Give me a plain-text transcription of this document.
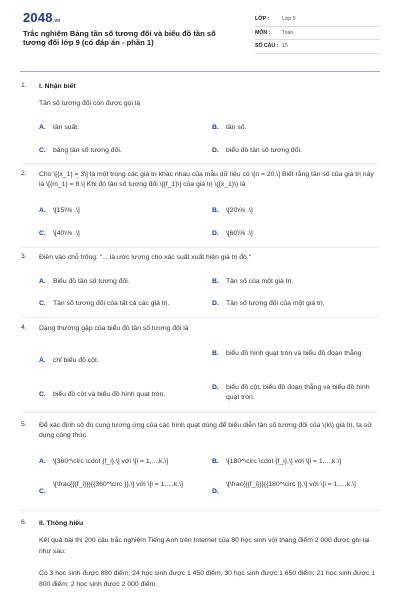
2048.vn
Trắc nghiệm Bảng tần số tương đối và biểu đồ tần số tương đối lớp 9 (có đáp án - phần 1)
LỚP :	Lớp 9
MÔN :	Toán
SỐ CÂU : 15
1.	I. Nhận biết
Tần số tương đối còn được gọi là
A. tần suất.	B. tần số.
C. bảng tần số tương đối.	D. biểu đồ tần số tương đối.
2.	Cho \[{x_1} = 3\] là một trong các giá trị khác nhau của mẫu dữ liệu có \[n = 20.\] Biết rằng tần số của giá trị này là \[{m_1} = 8.\] Khi đó tần số tương đối \[{f_1}\] của giá trị \({x_1}\) là
A. \[15\% .\]	B. \[20\% .\]
C. \[40\% .\]	D. \[60\% .\]
3.	Điền vào chỗ trống: "... là ước lượng cho xác suất xuất hiện giá trị đó."
A. Biểu đồ tần số tương đối.	B. Tần số của một giá trị.
C. Tần số tương đối của tất cả các giá trị.	D. Tần số tương đối của một giá trị.
4.	Dạng thường gặp của biểu đồ tần số tương đối là
A. chỉ biểu đồ cột.
B. biểu đồ hình quạt tròn và biểu đồ đoạn thẳng.
C. biểu đồ cột và biểu đồ hình quạt tròn.
D. biểu đồ cột, biểu đồ đoạn thẳng và biểu đồ hình quạt tròn.
5.	Để xác định số đo cung tương ứng của các hình quạt dùng để biểu diễn tần số tương đối của \(k\) giá trị, ta sử dụng công thức
A. \[360^\circ \cdot {f_i},\] với \[i = 1,...,k.\]	B. \[180^\circ \cdot {f_i},\] với \[i = 1,...,k.\]
C.
\[\frac{{{f_i}}}{{360^\circ }},\] với \[i = 1,...,k.\]
D.
\[\frac{{{f_i}}}{{180^\circ }},\] với \[i = 1,...,k.\]
6.	II. Thông hiểu
Kết quả bài thi 200 câu trắc nghiệm Tiếng Anh trên Internet của 80 học sinh với thang điểm 2 000 được ghi lại như sau:
Có 3 học sinh được 880 điểm; 24 học sinh được 1 450 điểm; 30 học sinh được 1 650 điểm; 21 học sinh được 1 800 điểm; 2 học sinh được 2 000 điểm.
